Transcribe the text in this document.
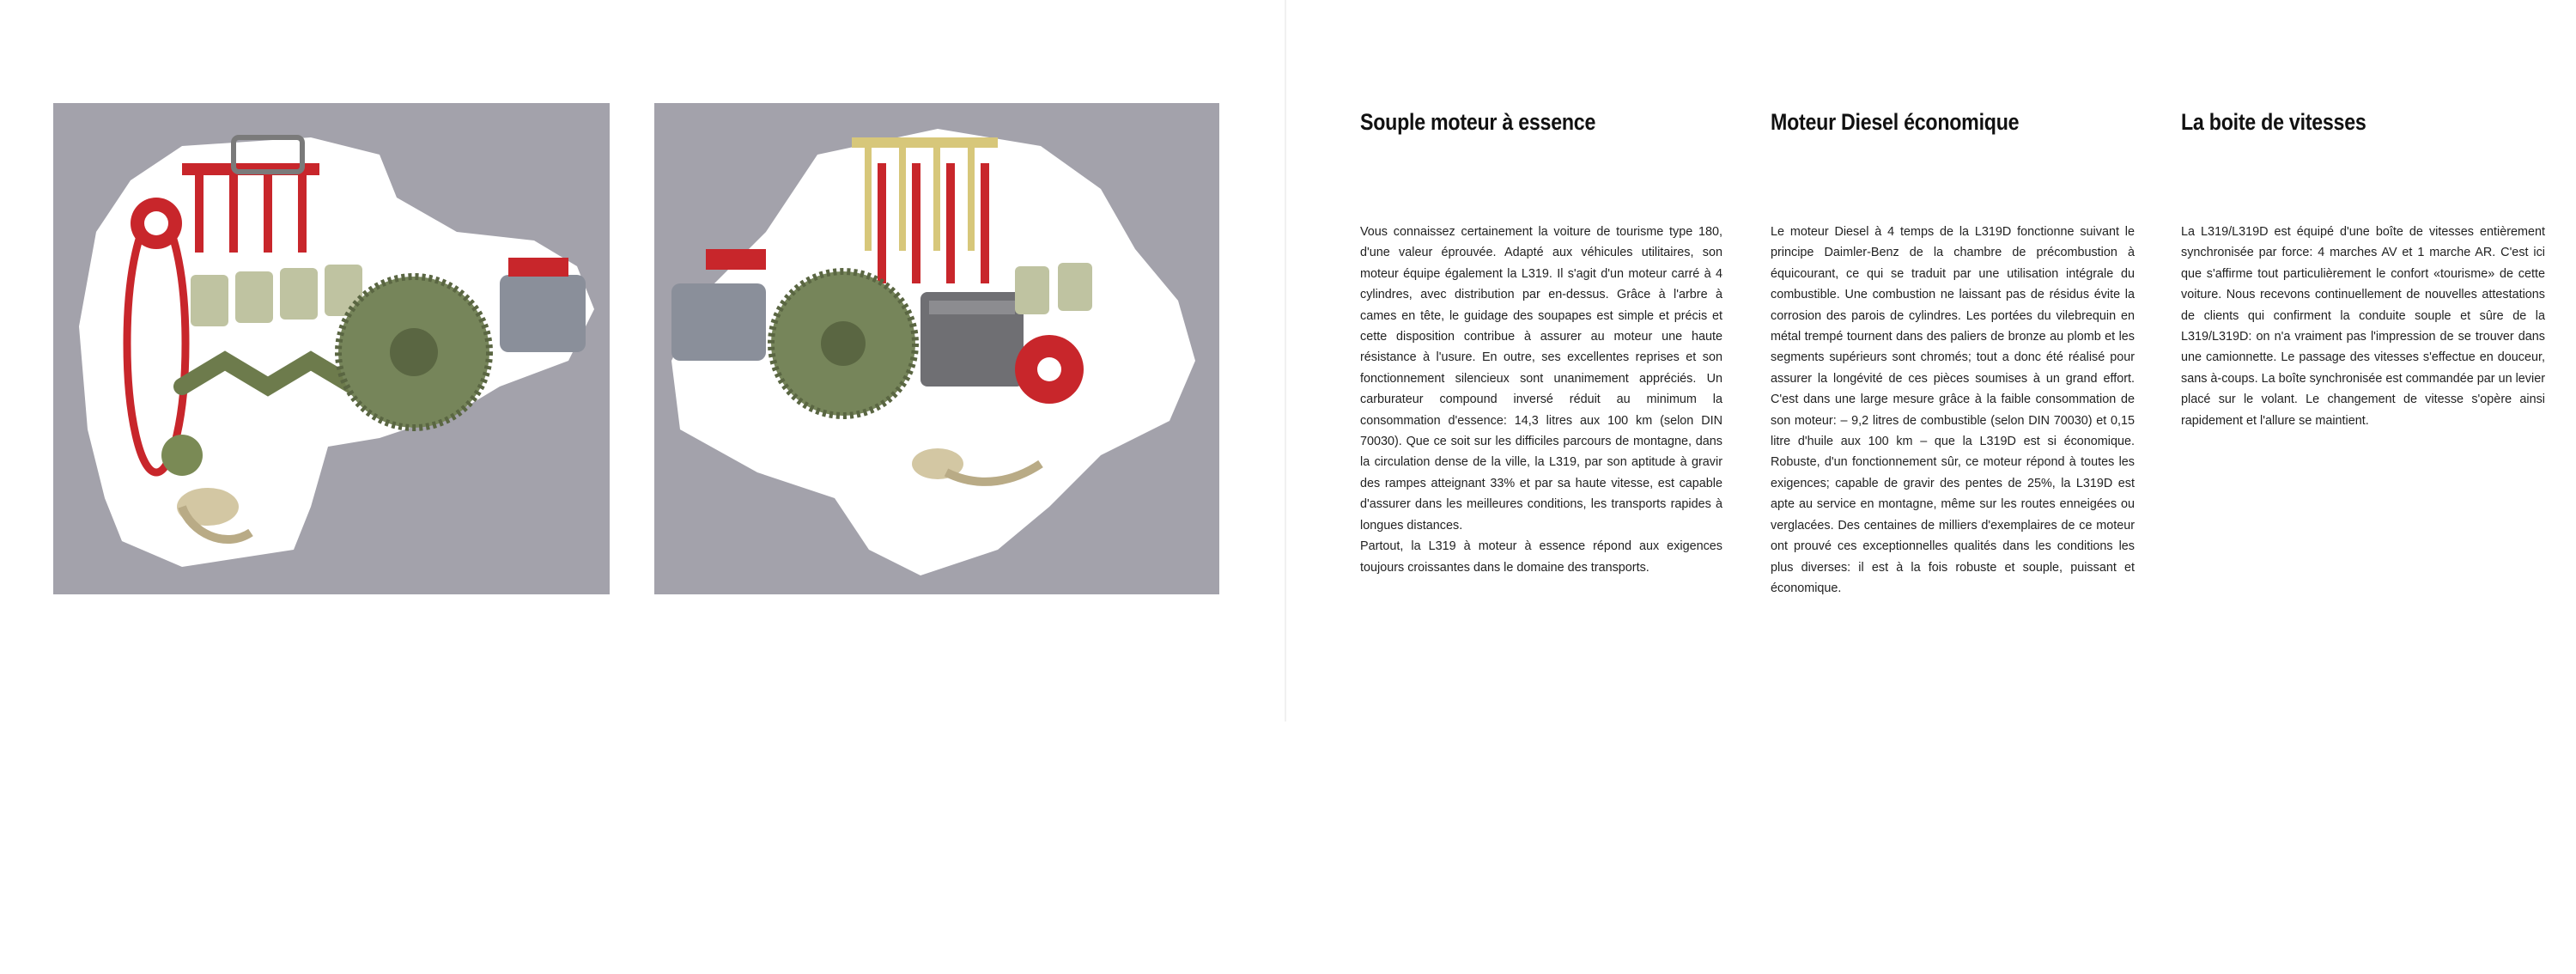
Souple moteur à essence

Vous connaissez certainement la voiture de tourisme type 180, d'une valeur éprouvée. Adapté aux véhicules utilitaires, son moteur équipe également la L319. Il s'agit d'un moteur carré à 4 cylindres, avec distribution par en-dessus. Grâce à l'arbre à cames en tête, le guidage des soupapes est simple et précis et cette disposition contribue à assurer au moteur une haute résistance à l'usure. En outre, ses excellentes reprises et son fonctionnement silencieux sont unanimement appréciés. Un carburateur compound inversé réduit au minimum la consommation d'essence: 14,3 litres aux 100 km (selon DIN 70030). Que ce soit sur les difficiles parcours de montagne, dans la circulation dense de la ville, la L319, par son aptitude à gravir des rampes atteignant 33% et par sa haute vitesse, est capable d'assurer dans les meilleures conditions, les transports rapides à longues distances.

Partout, la L319 à moteur à essence répond aux exigences toujours croissantes dans le domaine des transports.

Moteur Diesel économique

Le moteur Diesel à 4 temps de la L319D fonctionne suivant le principe Daimler-Benz de la chambre de précombustion à équicourant, ce qui se traduit par une utilisation intégrale du combustible. Une combustion ne laissant pas de résidus évite la corrosion des parois de cylindres. Les portées du vilebrequin en métal trempé tournent dans des paliers de bronze au plomb et les segments supérieurs sont chromés; tout a donc été réalisé pour assurer la longévité de ces pièces soumises à un grand effort. C'est dans une large mesure grâce à la faible consommation de son moteur: – 9,2 litres de combustible (selon DIN 70030) et 0,15 litre d'huile aux 100 km – que la L319D est si économique. Robuste, d'un fonctionnement sûr, ce moteur répond à toutes les exigences; capable de gravir des pentes de 25%, la L319D est apte au service en montagne, même sur les routes enneigées ou verglacées. Des centaines de milliers d'exemplaires de ce moteur ont prouvé ces exceptionnelles qualités dans les conditions les plus diverses: il est à la fois robuste et souple, puissant et économique.

La boite de vitesses

La L319/L319D est équipé d'une boîte de vitesses entièrement synchronisée par force: 4 marches AV et 1 marche AR. C'est ici que s'affirme tout particulièrement le confort «tourisme» de cette voiture. Nous recevons continuellement de nouvelles attestations de clients qui confirment la conduite souple et sûre de la L319/L319D: on n'a vraiment pas l'impression de se trouver dans une camionnette. Le passage des vitesses s'effectue en douceur, sans à-coups. La boîte synchronisée est commandée par un levier placé sur le volant. Le changement de vitesse s'opère ainsi rapidement et l'allure se maintient.
